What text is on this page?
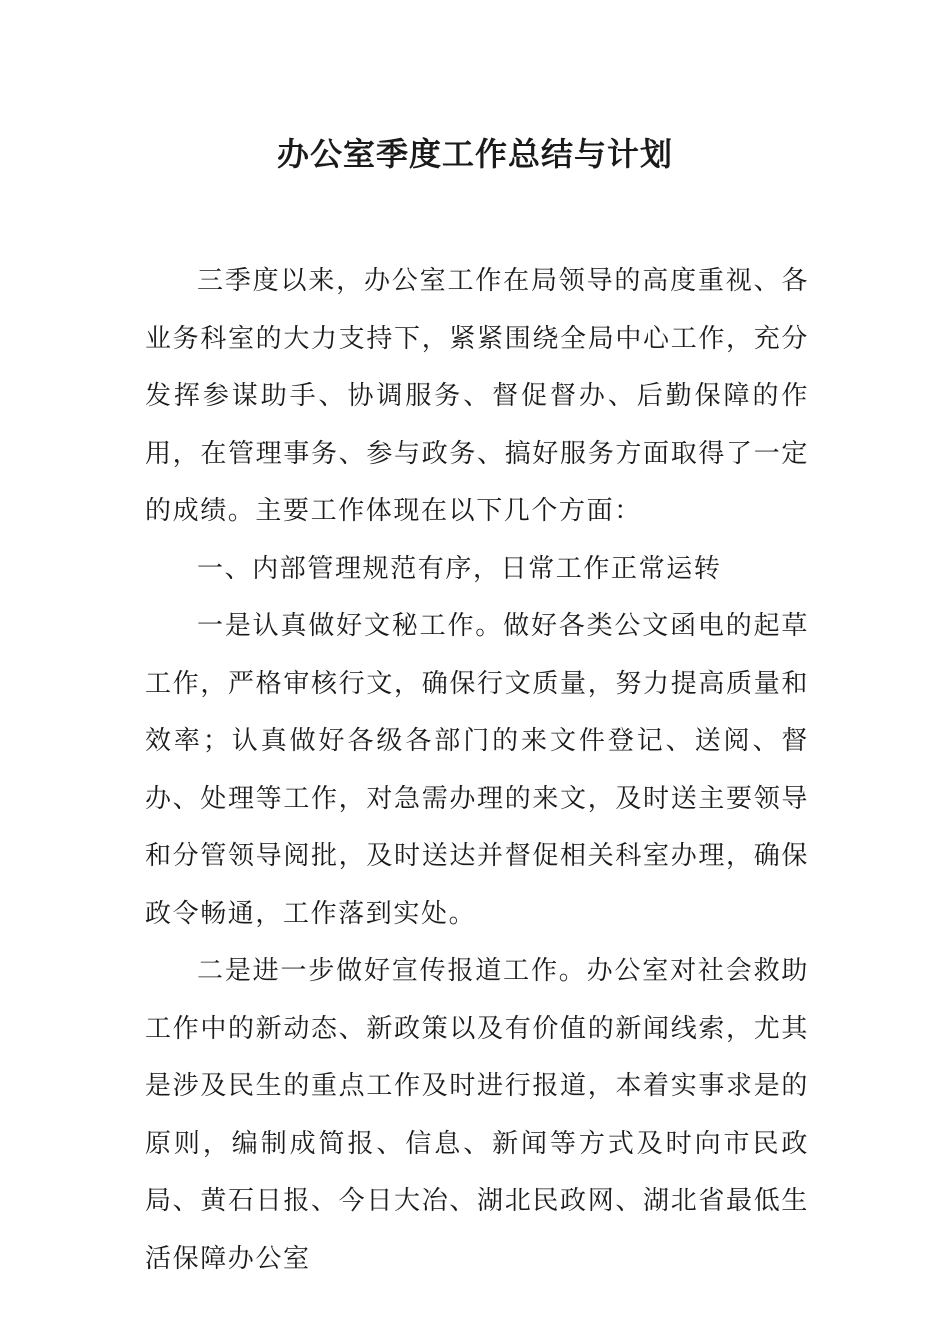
办公室季度工作总结与计划

三季度以来，办公室工作在局领导的高度重视、各业务科室的大力支持下，紧紧围绕全局中心工作，充分发挥参谋助手、协调服务、督促督办、后勤保障的作用，在管理事务、参与政务、搞好服务方面取得了一定的成绩。主要工作体现在以下几个方面：

一、内部管理规范有序，日常工作正常运转

一是认真做好文秘工作。做好各类公文函电的起草工作，严格审核行文，确保行文质量，努力提高质量和效率；认真做好各级各部门的来文件登记、送阅、督办、处理等工作，对急需办理的来文，及时送主要领导和分管领导阅批，及时送达并督促相关科室办理，确保政令畅通，工作落到实处。

二是进一步做好宣传报道工作。办公室对社会救助工作中的新动态、新政策以及有价值的新闻线索，尤其是涉及民生的重点工作及时进行报道，本着实事求是的原则，编制成简报、信息、新闻等方式及时向市民政局、黄石日报、今日大冶、湖北民政网、湖北省最低生活保障办公室
